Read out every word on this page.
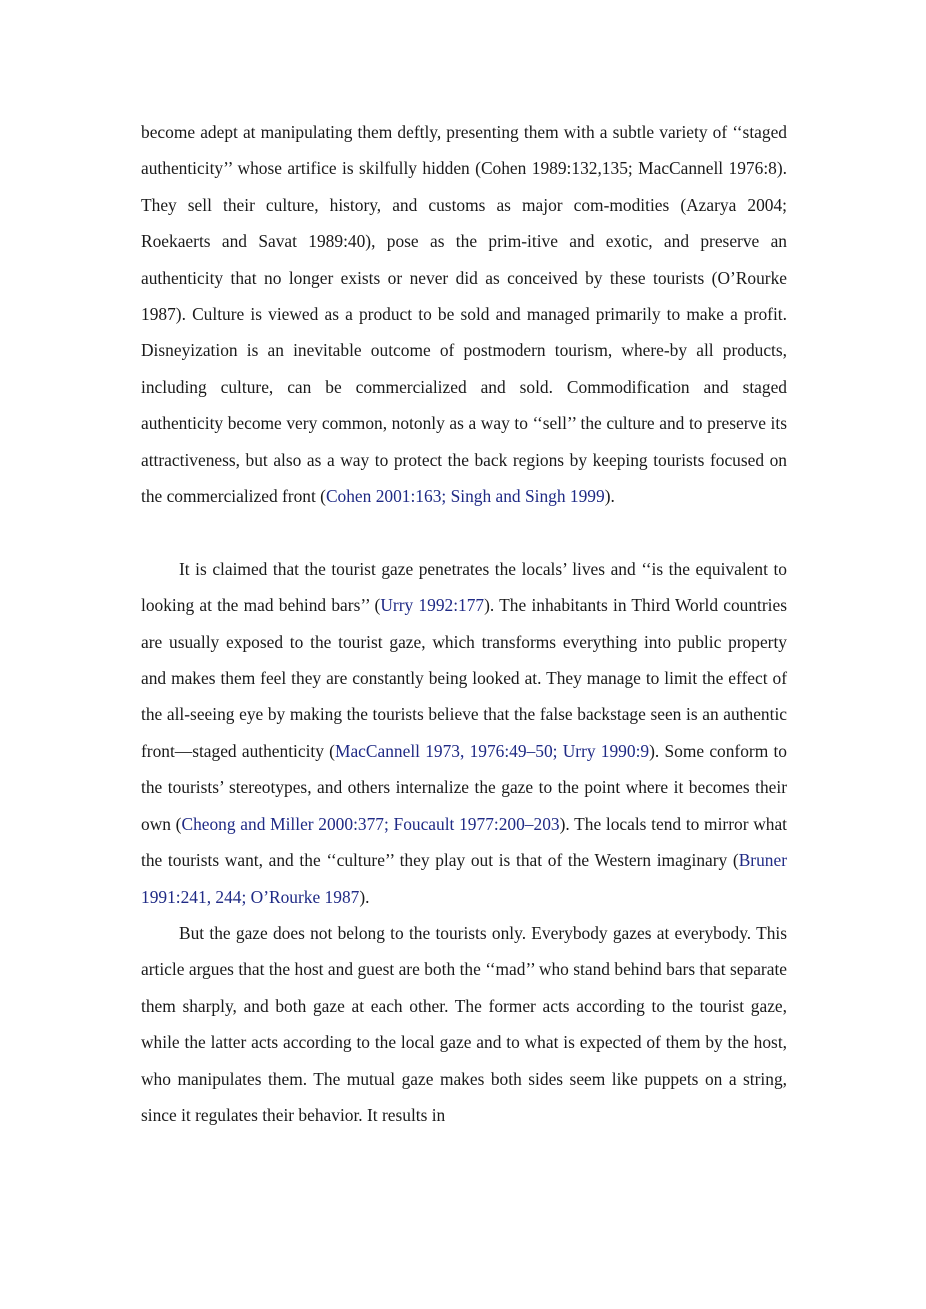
become adept at manipulating them deftly, presenting them with a subtle variety of ‘‘staged authenticity’’ whose artifice is skilfully hidden (Cohen 1989:132,135; MacCannell 1976:8). They sell their culture, history, and customs as major com-modities (Azarya 2004; Roekaerts and Savat 1989:40), pose as the prim-itive and exotic, and preserve an authenticity that no longer exists or never did as conceived by these tourists (O’Rourke 1987). Culture is viewed as a product to be sold and managed primarily to make a profit. Disneyization is an inevitable outcome of postmodern tourism, where-by all products, including culture, can be commercialized and sold. Commodification and staged authenticity become very common, notonly as a way to ‘‘sell’’ the culture and to preserve its attractiveness, but also as a way to protect the back regions by keeping tourists focused on the commercialized front (Cohen 2001:163; Singh and Singh 1999).

It is claimed that the tourist gaze penetrates the locals’ lives and ‘‘is the equivalent to looking at the mad behind bars’’ (Urry 1992:177). The inhabitants in Third World countries are usually exposed to the tourist gaze, which transforms everything into public property and makes them feel they are constantly being looked at. They manage to limit the effect of the all-seeing eye by making the tourists believe that the false backstage seen is an authentic front—staged authenticity (MacCannell 1973, 1976:49–50; Urry 1990:9). Some conform to the tourists’ stereotypes, and others internalize the gaze to the point where it becomes their own (Cheong and Miller 2000:377; Foucault 1977:200–203). The locals tend to mirror what the tourists want, and the ‘‘culture’’ they play out is that of the Western imaginary (Bruner 1991:241, 244; O’Rourke 1987).

But the gaze does not belong to the tourists only. Everybody gazes at everybody. This article argues that the host and guest are both the ‘‘mad’’ who stand behind bars that separate them sharply, and both gaze at each other. The former acts according to the tourist gaze, while the latter acts according to the local gaze and to what is expected of them by the host, who manipulates them. The mutual gaze makes both sides seem like puppets on a string, since it regulates their behavior. It results in
